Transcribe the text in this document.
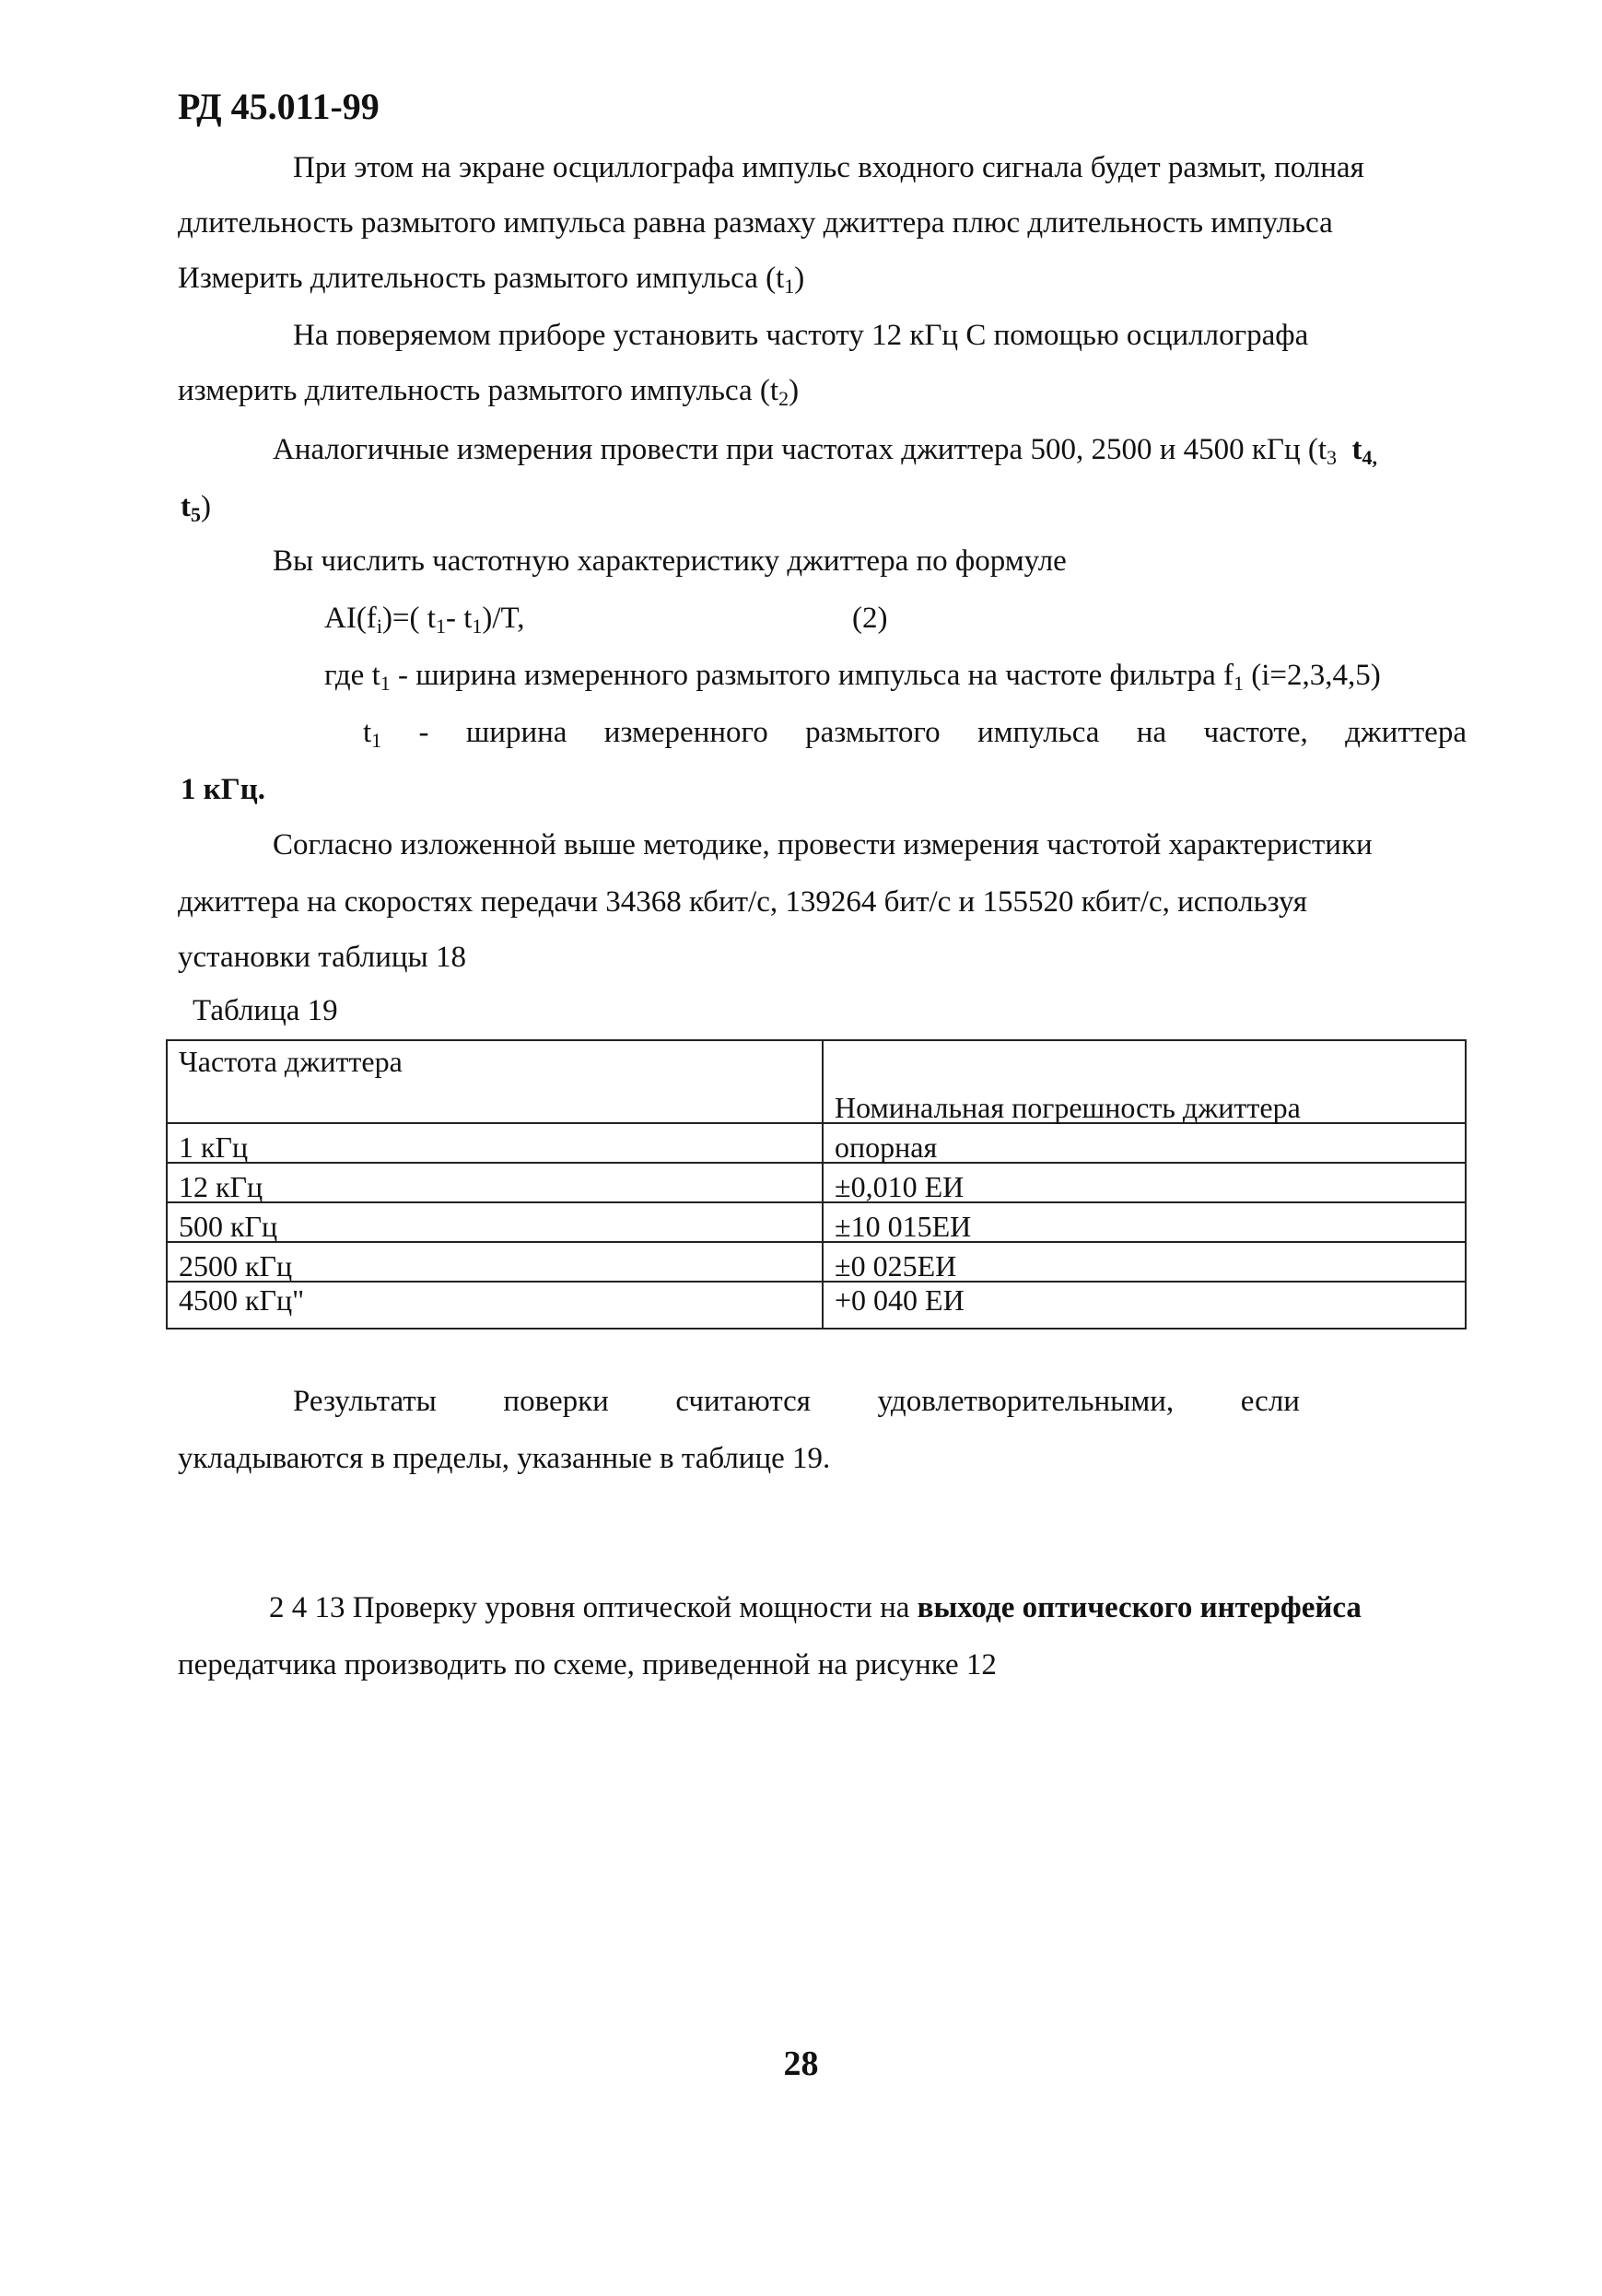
РД 45.011-99
При этом на экране осциллографа импульс входного сигнала будет размыт, полная
длительность размытого импульса равна размаху джиттера плюс длительность импульса
Измерить длительность размытого импульса $(t_1)$
На поверяемом приборе установить частоту 12 кГц С помощью осциллографа
измерить длительность размытого импульса $(t_2)$
Аналогичные измерения провести при частотах джиттера 500, 2500 и 4500 кГц ($t_3$ $t_{4,}$
$t_5$)
Вы числить частотную характеристику джиттера по формуле
$AI(f_i)=$( $t_1-$ $t_1)/T$,	(2)
где $t_1$ - ширина измеренного размытого импульса на частоте фильтра $f_1$ (i=2,3,4,5)
$t_1$ - ширина измеренного размытого импульса на частоте, джиттера
1 кГц.
Согласно изложенной выше методике, провести измерения частотой характеристики
джиттера на скоростях передачи 34368 кбит/с, 139264 бит/с и 155520 кбит/с, используя
установки таблицы 18
Таблица 19
Частота джиттера	Номинальная погрешность джиттера
1 кГц	опорная
12 кГц	±0,010 ЕИ
500 кГц	±10 015ЕИ
2500 кГц	±0 025ЕИ
4500 кГц"	+0 040 ЕИ
Результаты поверки считаются удовлетворительными, если
укладываются в пределы, указанные в таблице 19.
2 4 13 Проверку уровня оптической мощности на выходе оптического интерфейса
передатчика производить по схеме, приведенной на рисунке 12
28
